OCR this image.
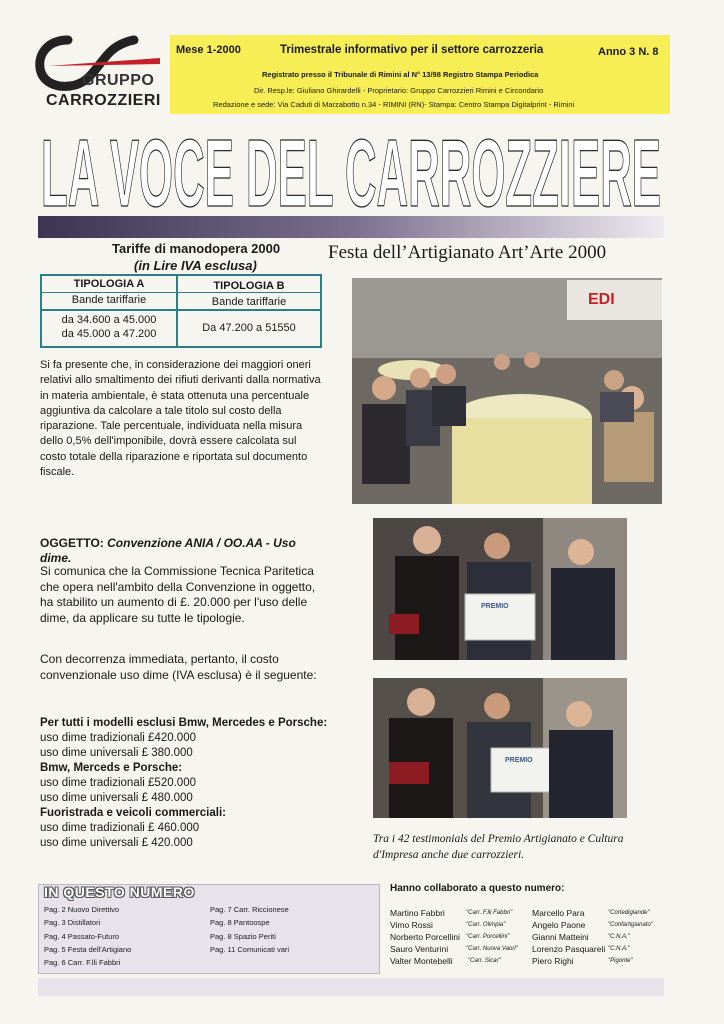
GRUPPO
CARROZZIERI
Mese 1-2000	Trimestrale informativo per il settore carrozzeria	Anno 3 N. 8
Registrato presso il Tribunale di Rimini al N° 13/98 Registro Stampa Periodica
Dir. Resp.le: Giuliano Ghirardelli - Proprietario: Gruppo Carrozzieri Rimini e Circondario
Redazione e sede: Via Caduti di Marzabotto n.34 - RIMINI (RN)- Stampa: Centro Stampa Digitalprint - Rimini
LA VOCE DEL CARROZZIERE
Tariffe di manodopera 2000
(in Lire IVA esclusa)
TIPOLOGIA A	TIPOLOGIA B
Bande tariffarie	Bande tariffarie
da 34.600 a 45.000
da 45.000 a 47.200	Da 47.200 a 51550
Festa dell’Artigianato Art’Arte 2000
Si fa presente che, in considerazione dei maggiori oneri relativi allo smaltimento dei rifiuti derivanti dalla normativa in materia ambientale, è stata ottenuta una percentuale aggiuntiva da calcolare a tale titolo sul costo della riparazione. Tale percentuale, individuata nella misura dello 0,5% dell'imponibile, dovrà essere calcolata sul costo totale della riparazione e riportata sul documento fiscale.
EDI
PREMIO
PREMIO
Tra i 42 testimonials del Premio Artigianato e Cultura d'Impresa anche due carrozzieri.
OGGETTO: Convenzione ANIA / OO.AA - Uso dime.
Si comunica che la Commissione Tecnica Paritetica che opera nell'ambito della Convenzione in oggetto, ha stabilito un aumento di £. 20.000 per l'uso delle dime, da applicare su tutte le tipologie.
Con decorrenza immediata, pertanto, il costo convenzionale uso dime (IVA esclusa) è il seguente:
Per tutti i modelli esclusi Bmw, Mercedes e Porsche:
uso dime tradizionali £420.000
uso dime universali £ 380.000
Bmw, Merceds e Porsche:
uso dime tradizionali £520.000
uso dime universali £ 480.000
Fuoristrada e veicoli commerciali:
uso dime tradizionali £ 460.000
uso dime universali £ 420.000
IN QUESTO NUMERO
Pag. 2 Nuovo Direttivo
Pag. 3 Distillatori
Pag. 4 Passato-Futuro
Pag. 5 Festa dell'Artigiano
Pag. 6 Carr. F.lli Fabbri
Pag. 7 Carr. Riccionese
Pag. 8 Pantoospe
Pag. 8 Spazio Periti
Pag. 11 Comunicati vari
Hanno collaborato a questo numero:
Martino Fabbri	"Carr. F.lli Fabbri"
Vimo Rossi	"Carr. Olimpia"
Norberto Porcellini "Carr. Porcellini"
Sauro Venturini	"Carr. Nuova Vaori"
Valter Montebelli	"Carr. Sicar"
Marcello Para	"Cortedigiande"
Angelo Paone	"Confartigianato"
Gianni Matteini	"C.N.A."
Lorenzo Pasquareli "C.N.A."
Piero Righi	"Pigonte"
